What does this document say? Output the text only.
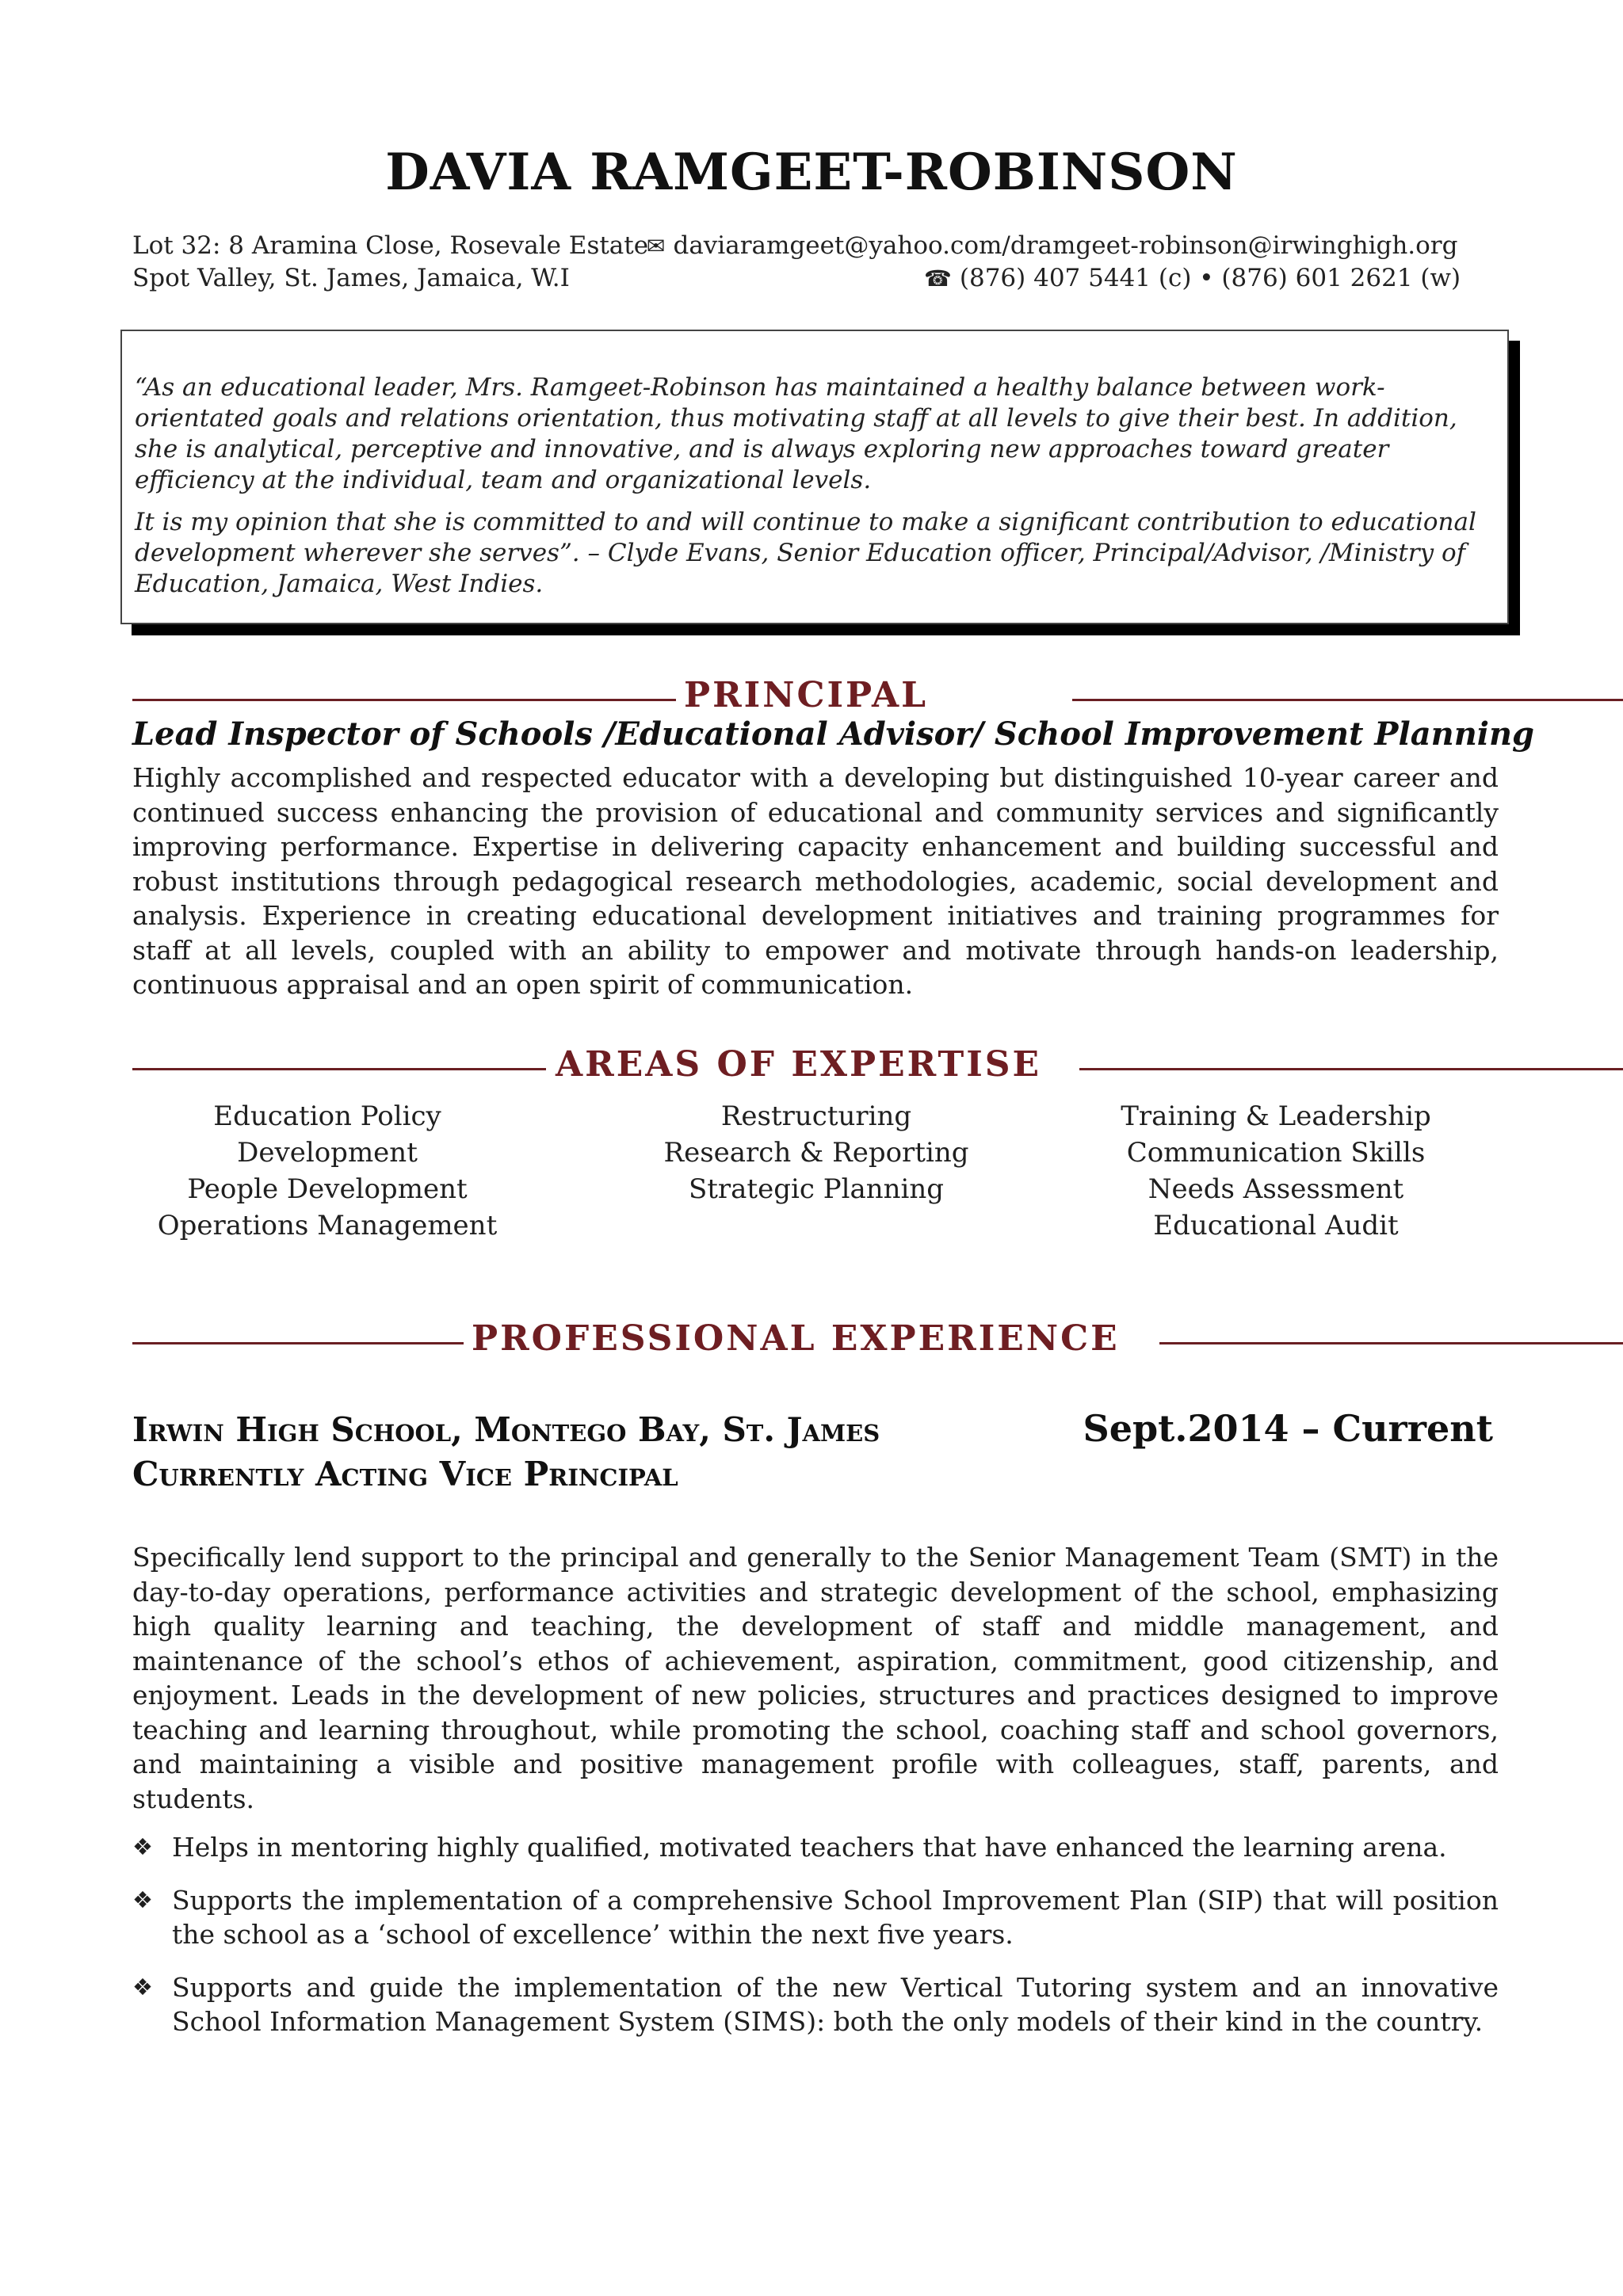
DAVIA RAMGEET-ROBINSON
Lot 32: 8 Aramina Close, Rosevale Estate
Spot Valley, St. James, Jamaica, W.I
✉ daviaramgeet@yahoo.com/dramgeet-robinson@irwinghigh.org
☎ (876) 407 5441 (c) • (876) 601 2621 (w)

“As an educational leader, Mrs. Ramgeet-Robinson has maintained a healthy balance between work-orientated goals and relations orientation, thus motivating staff at all levels to give their best. In addition, she is analytical, perceptive and innovative, and is always exploring new approaches toward greater efficiency at the individual, team and organizational levels.

It is my opinion that she is committed to and will continue to make a significant contribution to educational development wherever she serves”. – Clyde Evans, Senior Education officer, Principal/Advisor, /Ministry of Education, Jamaica, West Indies.

PRINCIPAL
Lead Inspector of Schools /Educational Advisor/ School Improvement Planning
Highly accomplished and respected educator with a developing but distinguished 10-year career and continued success enhancing the provision of educational and community services and significantly improving performance. Expertise in delivering capacity enhancement and building successful and robust institutions through pedagogical research methodologies, academic, social development and analysis. Experience in creating educational development initiatives and training programmes for staff at all levels, coupled with an ability to empower and motivate through hands-on leadership, continuous appraisal and an open spirit of communication.
AREAS OF EXPERTISE
Education Policy
Development
People Development
Operations Management
Restructuring
Research & Reporting
Strategic Planning
Training & Leadership
Communication Skills
Needs Assessment
Educational Audit
PROFESSIONAL EXPERIENCE
Irwin High School, Montego Bay, St. James	Sept.2014 – Current
Currently Acting Vice Principal
Specifically lend support to the principal and generally to the Senior Management Team (SMT) in the day-to-day operations, performance activities and strategic development of the school, emphasizing high quality learning and teaching, the development of staff and middle management, and maintenance of the school’s ethos of achievement, aspiration, commitment, good citizenship, and enjoyment. Leads in the development of new policies, structures and practices designed to improve teaching and learning throughout, while promoting the school, coaching staff and school governors, and maintaining a visible and positive management profile with colleagues, staff, parents, and students.
❖ Helps in mentoring highly qualified, motivated teachers that have enhanced the learning arena.
❖ Supports the implementation of a comprehensive School Improvement Plan (SIP) that will position the school as a ‘school of excellence’ within the next five years.
❖ Supports and guide the implementation of the new Vertical Tutoring system and an innovative School Information Management System (SIMS): both the only models of their kind in the country.
